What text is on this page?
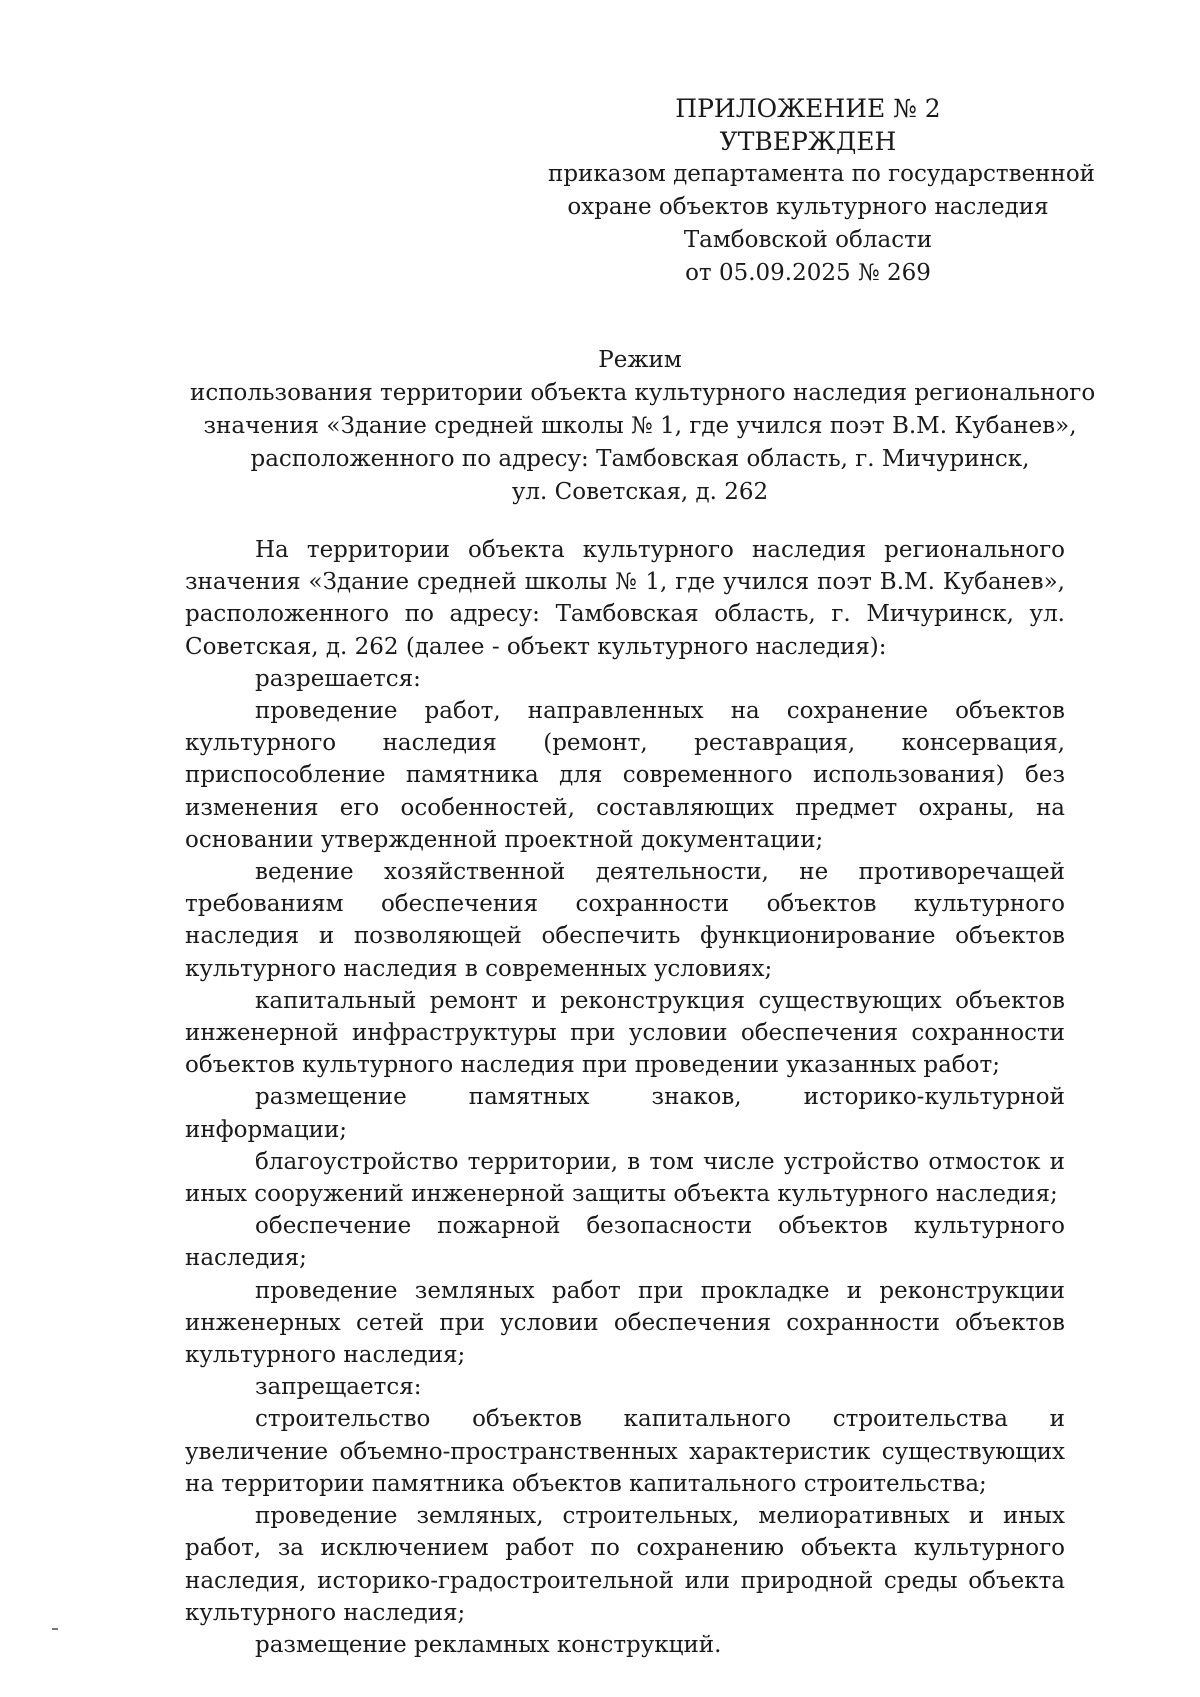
ПРИЛОЖЕНИЕ № 2
УТВЕРЖДЕН
приказом департамента по государственной
охране объектов культурного наследия
Тамбовской области
от 05.09.2025 № 269
Режим
использования территории объекта культурного наследия регионального
значения «Здание средней школы № 1, где учился поэт В.М. Кубанев»,
расположенного по адресу: Тамбовская область, г. Мичуринск,
ул. Советская, д. 262

На территории объекта культурного наследия регионального значения «Здание средней школы № 1, где учился поэт В.М. Кубанев», расположенного по адресу: Тамбовская область, г. Мичуринск, ул. Советская, д. 262 (далее - объект культурного наследия):

разрешается:

проведение работ, направленных на сохранение объектов культурного наследия (ремонт, реставрация, консервация, приспособление памятника для современного использования) без изменения его особенностей, составляющих предмет охраны, на основании утвержденной проектной документации;

ведение хозяйственной деятельности, не противоречащей требованиям обеспечения сохранности объектов культурного наследия и позволяющей обеспечить функционирование объектов культурного наследия в современных условиях;

капитальный ремонт и реконструкция существующих объектов инженерной инфраструктуры при условии обеспечения сохранности объектов культурного наследия при проведении указанных работ;

размещение памятных знаков, историко-культурной информации;

благоустройство территории, в том числе устройство отмосток и иных сооружений инженерной защиты объекта культурного наследия;

обеспечение пожарной безопасности объектов культурного наследия;

проведение земляных работ при прокладке и реконструкции инженерных сетей при условии обеспечения сохранности объектов культурного наследия;

запрещается:

строительство объектов капитального строительства и увеличение объемно-пространственных характеристик существующих на территории памятника объектов капитального строительства;

проведение земляных, строительных, мелиоративных и иных работ, за исключением работ по сохранению объекта культурного наследия, историко-градостроительной или природной среды объекта культурного наследия;

размещение рекламных конструкций.
